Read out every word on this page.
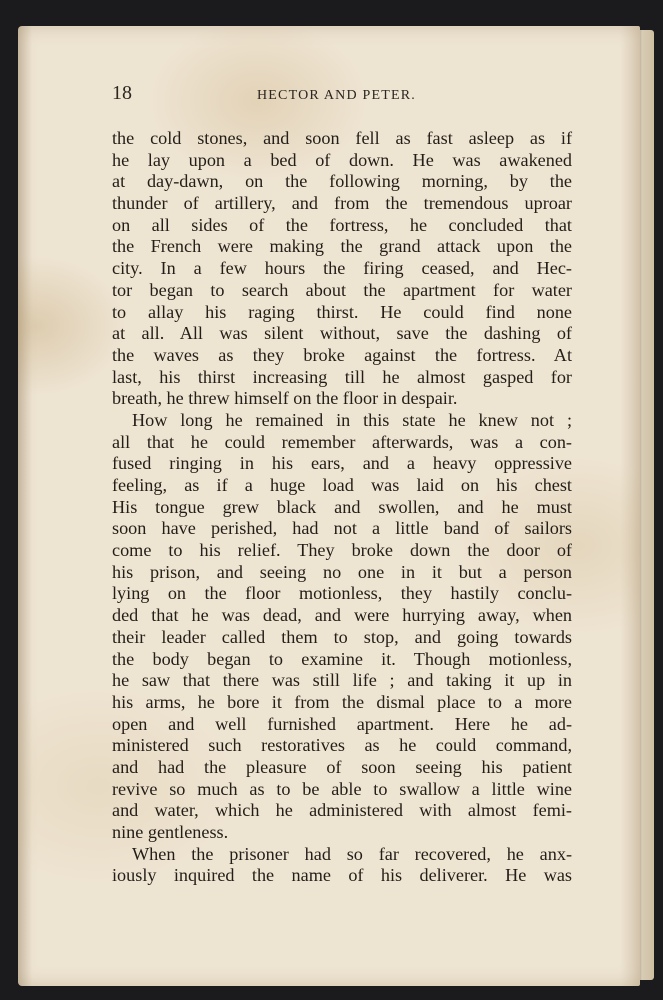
18	HECTOR AND PETER.
the cold stones, and soon fell as fast asleep as if
he lay upon a bed of down. He was awakened
at day-dawn, on the following morning, by the
thunder of artillery, and from the tremendous uproar
on all sides of the fortress, he concluded that
the French were making the grand attack upon the
city. In a few hours the firing ceased, and Hec-
tor began to search about the apartment for water
to allay his raging thirst. He could find none
at all. All was silent without, save the dashing of
the waves as they broke against the fortress. At
last, his thirst increasing till he almost gasped for
breath, he threw himself on the floor in despair.
How long he remained in this state he knew not ;
all that he could remember afterwards, was a con-
fused ringing in his ears, and a heavy oppressive
feeling, as if a huge load was laid on his chest
His tongue grew black and swollen, and he must
soon have perished, had not a little band of sailors
come to his relief. They broke down the door of
his prison, and seeing no one in it but a person
lying on the floor motionless, they hastily conclu-
ded that he was dead, and were hurrying away, when
their leader called them to stop, and going towards
the body began to examine it. Though motionless,
he saw that there was still life ; and taking it up in
his arms, he bore it from the dismal place to a more
open and well furnished apartment. Here he ad-
ministered such restoratives as he could command,
and had the pleasure of soon seeing his patient
revive so much as to be able to swallow a little wine
and water, which he administered with almost femi-
nine gentleness.
When the prisoner had so far recovered, he anx-
iously inquired the name of his deliverer. He was
